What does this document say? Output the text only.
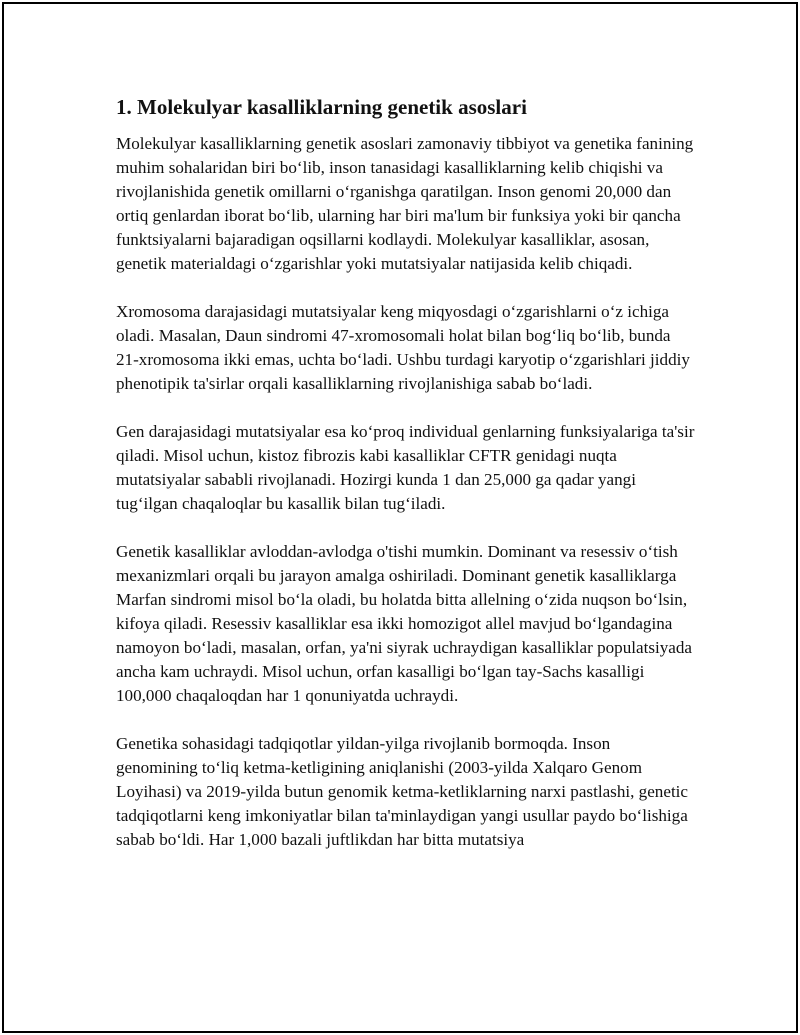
1. Molekulyar kasalliklarning genetik asoslari

Molekulyar kasalliklarning genetik asoslari zamonaviy tibbiyot va genetika fanining muhim sohalaridan biri bo‘lib, inson tanasidagi kasalliklarning kelib chiqishi va rivojlanishida genetik omillarni o‘rganishga qaratilgan. Inson genomi 20,000 dan ortiq genlardan iborat bo‘lib, ularning har biri ma'lum bir funksiya yoki bir qancha funktsiyalarni bajaradigan oqsillarni kodlaydi. Molekulyar kasalliklar, asosan, genetik materialdagi o‘zgarishlar yoki mutatsiyalar natijasida kelib chiqadi.

Xromosoma darajasidagi mutatsiyalar keng miqyosdagi o‘zgarishlarni o‘z ichiga oladi. Masalan, Daun sindromi 47-xromosomali holat bilan bog‘liq bo‘lib, bunda 21-xromosoma ikki emas, uchta bo‘ladi. Ushbu turdagi karyotip o‘zgarishlari jiddiy phenotipik ta'sirlar orqali kasalliklarning rivojlanishiga sabab bo‘ladi.

Gen darajasidagi mutatsiyalar esa ko‘proq individual genlarning funksiyalariga ta'sir qiladi. Misol uchun, kistoz fibrozis kabi kasalliklar CFTR genidagi nuqta mutatsiyalar sababli rivojlanadi. Hozirgi kunda 1 dan 25,000 ga qadar yangi tug‘ilgan chaqaloqlar bu kasallik bilan tug‘iladi.

Genetik kasalliklar avloddan-avlodga o'tishi mumkin. Dominant va resessiv o‘tish mexanizmlari orqali bu jarayon amalga oshiriladi. Dominant genetik kasalliklarga Marfan sindromi misol bo‘la oladi, bu holatda bitta allelning o‘zida nuqson bo‘lsin, kifoya qiladi. Resessiv kasalliklar esa ikki homozigot allel mavjud bo‘lgandagina namoyon bo‘ladi, masalan, orfan, ya'ni siyrak uchraydigan kasalliklar populatsiyada ancha kam uchraydi. Misol uchun, orfan kasalligi bo‘lgan tay-Sachs kasalligi 100,000 chaqaloqdan har 1 qonuniyatda uchraydi.

Genetika sohasidagi tadqiqotlar yildan-yilga rivojlanib bormoqda. Inson genomining to‘liq ketma-ketligining aniqlanishi (2003-yilda Xalqaro Genom Loyihasi) va 2019-yilda butun genomik ketma-ketliklarning narxi pastlashi, genetic tadqiqotlarni keng imkoniyatlar bilan ta'minlaydigan yangi usullar paydo bo‘lishiga sabab bo‘ldi. Har 1,000 bazali juftlikdan har bitta mutatsiya
